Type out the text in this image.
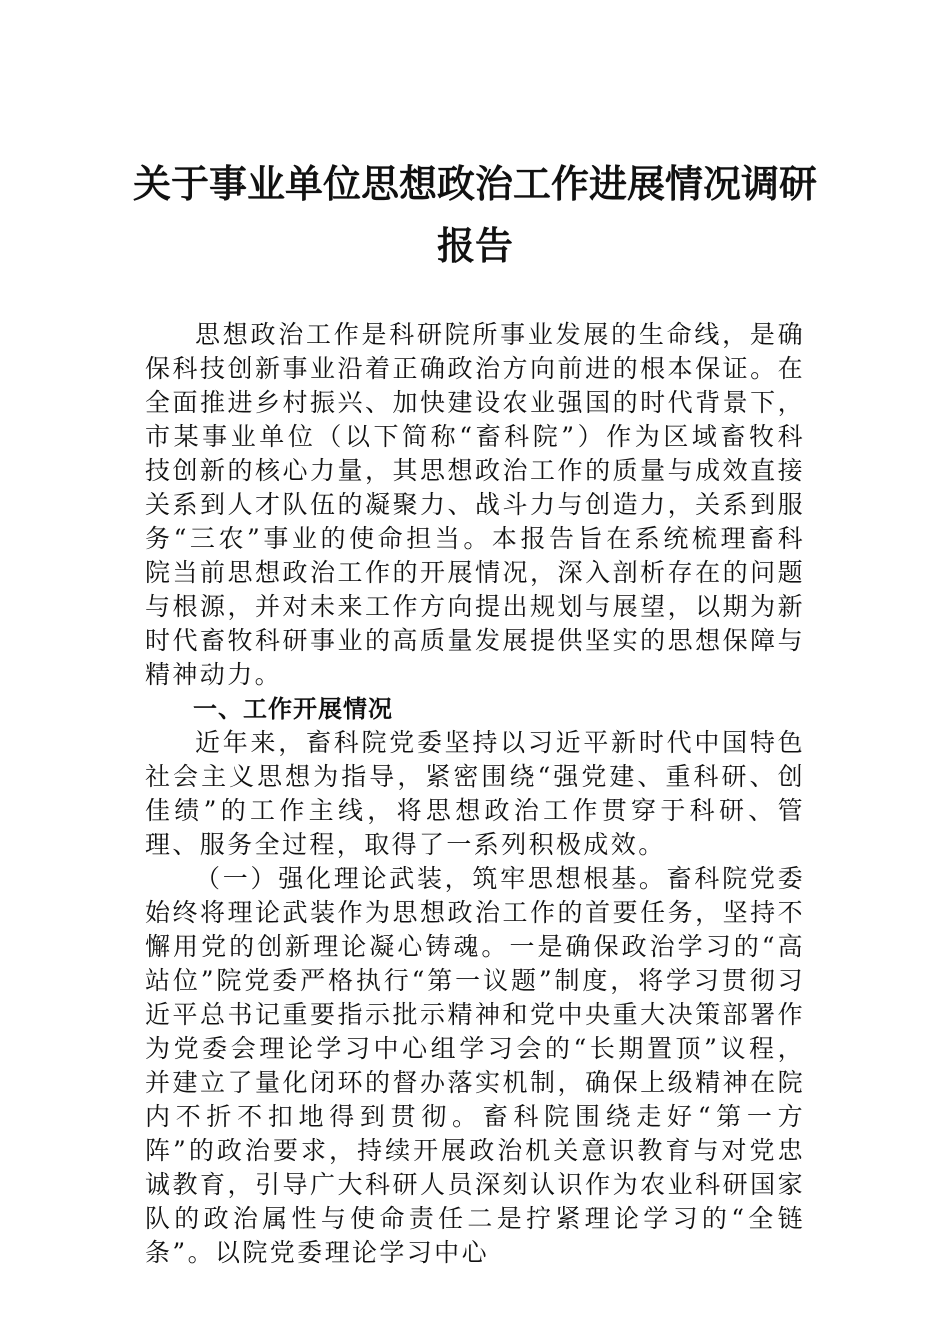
关于事业单位思想政治工作进展情况调研
报告

思想政治工作是科研院所事业发展的生命线，是确保科技创新事业沿着正确政治方向前进的根本保证。在全面推进乡村振兴、加快建设农业强国的时代背景下，市某事业单位（以下简称“畜科院”）作为区域畜牧科技创新的核心力量，其思想政治工作的质量与成效直接关系到人才队伍的凝聚力、战斗力与创造力，关系到服务“三农”事业的使命担当。本报告旨在系统梳理畜科院当前思想政治工作的开展情况，深入剖析存在的问题与根源，并对未来工作方向提出规划与展望，以期为新时代畜牧科研事业的高质量发展提供坚实的思想保障与精神动力。

一、工作开展情况

近年来，畜科院党委坚持以习近平新时代中国特色社会主义思想为指导，紧密围绕“强党建、重科研、创佳绩”的工作主线，将思想政治工作贯穿于科研、管理、服务全过程，取得了一系列积极成效。

（一）强化理论武装，筑牢思想根基。畜科院党委始终将理论武装作为思想政治工作的首要任务，坚持不懈用党的创新理论凝心铸魂。一是确保政治学习的“高站位”院党委严格执行“第一议题”制度，将学习贯彻习近平总书记重要指示批示精神和党中央重大决策部署作为党委会理论学习中心组学习会的“长期置顶”议程，并建立了量化闭环的督办落实机制，确保上级精神在院内不折不扣地得到贯彻。畜科院围绕走好“第一方阵”的政治要求，持续开展政治机关意识教育与对党忠诚教育，引导广大科研人员深刻认识作为农业科研国家队的政治属性与使命责任二是拧紧理论学习的“全链条”。以院党委理论学习中心
